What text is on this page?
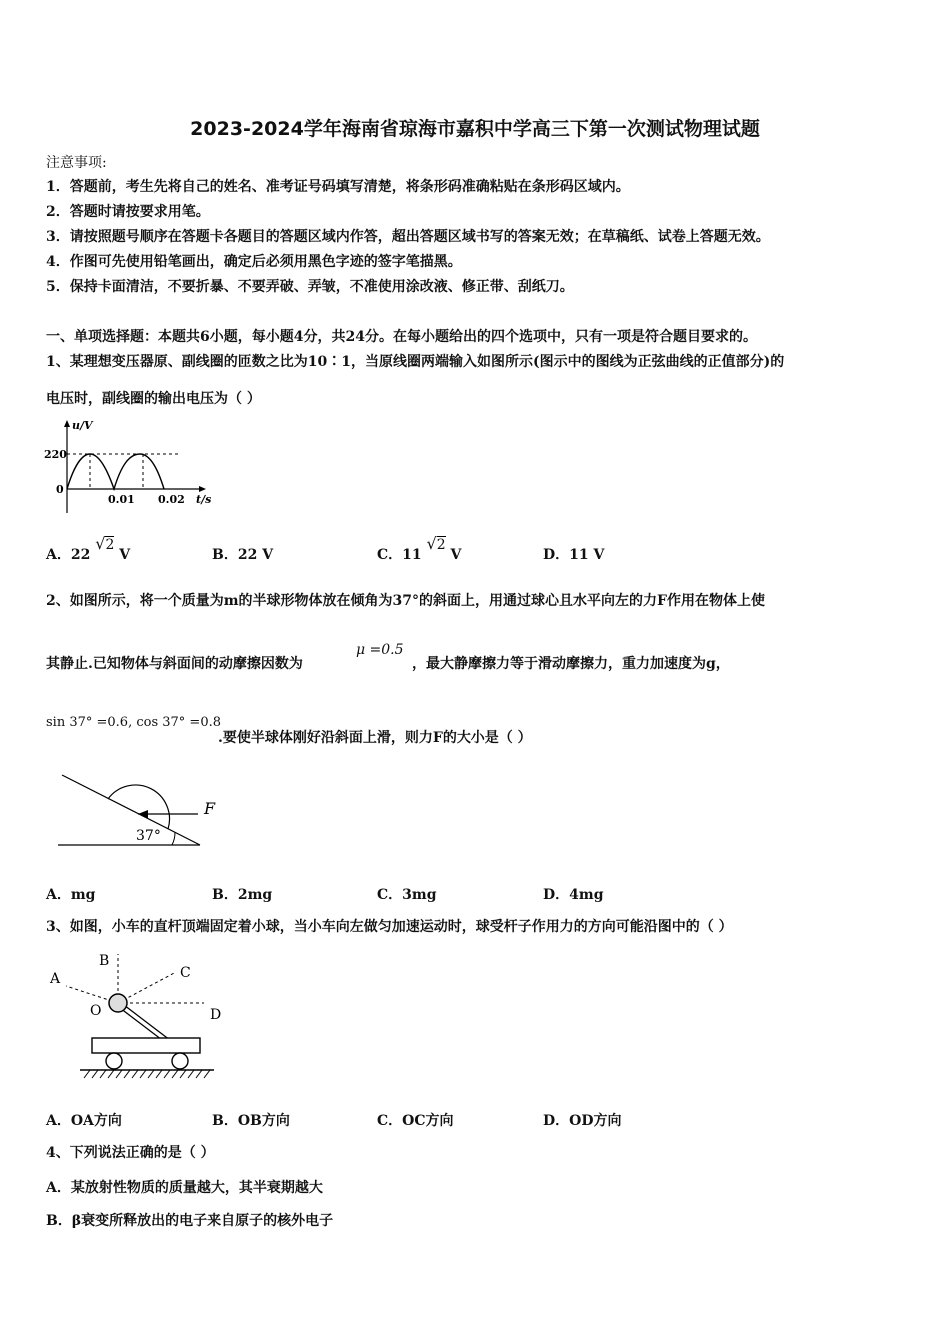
2023-2024学年海南省琼海市嘉积中学高三下第一次测试物理试题
注意事项:
1．答题前，考生先将自己的姓名、准考证号码填写清楚，将条形码准确粘贴在条形码区域内。
2．答题时请按要求用笔。
3．请按照题号顺序在答题卡各题目的答题区域内作答，超出答题区域书写的答案无效；在草稿纸、试卷上答题无效。
4．作图可先使用铅笔画出，确定后必须用黑色字迹的签字笔描黑。
5．保持卡面清洁，不要折暴、不要弄破、弄皱，不准使用涂改液、修正带、刮纸刀。
一、单项选择题：本题共6小题，每小题4分，共24分。在每小题给出的四个选项中，只有一项是符合题目要求的。
1、某理想变压器原、副线圈的匝数之比为10∶1，当原线圈两端输入如图所示(图示中的图线为正弦曲线的正值部分)的
电压时，副线圈的输出电压为（ ）
u/V
220
0
0.01 0.02 t/s
A．22 √2 V	B．22 V	C．11 √2 V	D．11 V
2、如图所示，将一个质量为m的半球形物体放在倾角为37°的斜面上，用通过球心且水平向左的力F作用在物体上使
其静止.已知物体与斜面间的动摩擦因数为
μ =0.5
，最大静摩擦力等于滑动摩擦力，重力加速度为g，
sin 37° =0.6, cos 37° =0.8
.要使半球体刚好沿斜面上滑，则力F的大小是（ ）
F
37°
A．mg	B．2mg	C．3mg	D．4mg
3、如图，小车的直杆顶端固定着小球，当小车向左做匀加速运动时，球受杆子作用力的方向可能沿图中的（ ）
A
B
C
D
O
A．OA方向	B．OB方向	C．OC方向	D．OD方向
4、下列说法正确的是（ ）
A．某放射性物质的质量越大，其半衰期越大
B．β衰变所释放出的电子来自原子的核外电子
